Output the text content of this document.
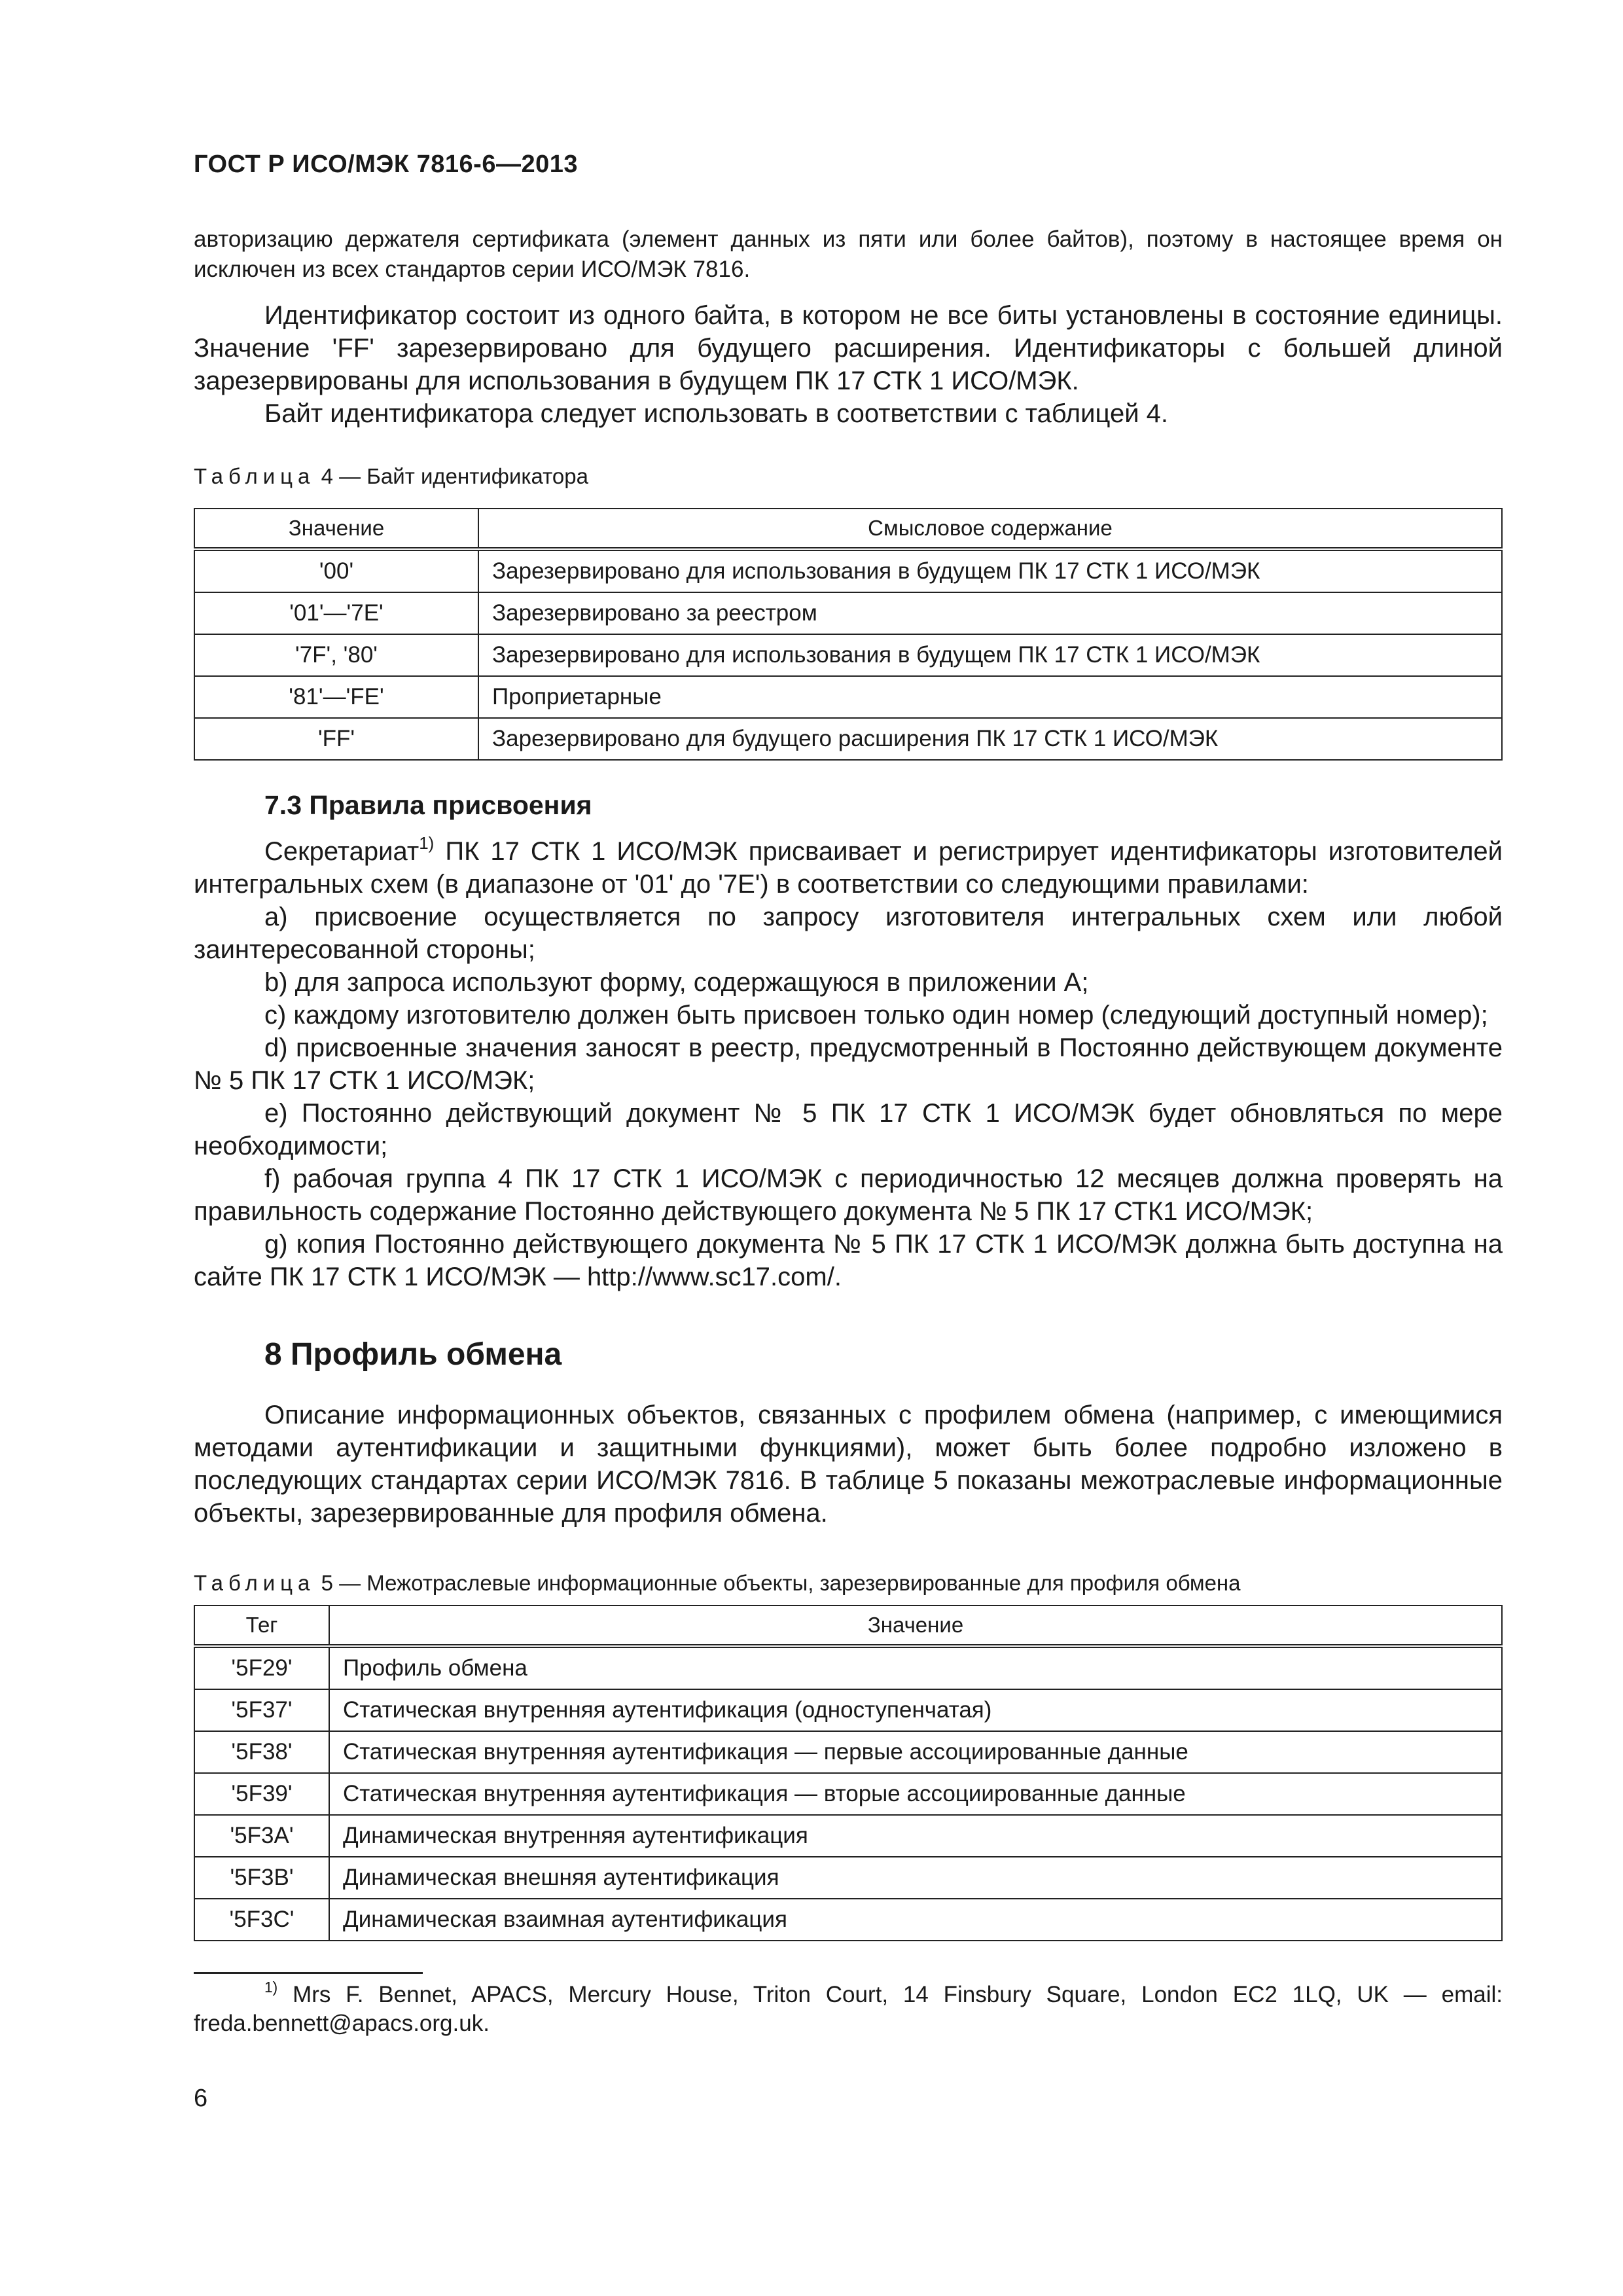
ГОСТ Р ИСО/МЭК 7816-6—2013

авторизацию держателя сертификата (элемент данных из пяти или более байтов), поэтому в настоящее время он исключен из всех стандартов серии ИСО/МЭК 7816.

Идентификатор состоит из одного байта, в котором не все биты установлены в состояние единицы. Значение 'FF' зарезервировано для будущего расширения. Идентификаторы с большей длиной зарезервированы для использования в будущем ПК 17 СТК 1 ИСО/МЭК.

Байт идентификатора следует использовать в соответствии с таблицей 4.

Таблица 4 — Байт идентификатора

Значение	Смысловое содержание
'00'	Зарезервировано для использования в будущем ПК 17 СТК 1 ИСО/МЭК
'01'—'7E'	Зарезервировано за реестром
'7F', '80'	Зарезервировано для использования в будущем ПК 17 СТК 1 ИСО/МЭК
'81'—'FE'	Проприетарные
'FF'	Зарезервировано для будущего расширения ПК 17 СТК 1 ИСО/МЭК

7.3 Правила присвоения

Секретариат$^{1)}$ ПК 17 СТК 1 ИСО/МЭК присваивает и регистрирует идентификаторы изготовителей интегральных схем (в диапазоне от '01' до '7E') в соответствии со следующими правилами:

a) присвоение осуществляется по запросу изготовителя интегральных схем или любой заинтересованной стороны;

b) для запроса используют форму, содержащуюся в приложении A;

c) каждому изготовителю должен быть присвоен только один номер (следующий доступный номер);

d) присвоенные значения заносят в реестр, предусмотренный в Постоянно действующем документе № 5 ПК 17 СТК 1 ИСО/МЭК;

e) Постоянно действующий документ № 5 ПК 17 СТК 1 ИСО/МЭК будет обновляться по мере необходимости;

f) рабочая группа 4 ПК 17 СТК 1 ИСО/МЭК с периодичностью 12 месяцев должна проверять на правильность содержание Постоянно действующего документа № 5 ПК 17 СТК1 ИСО/МЭК;

g) копия Постоянно действующего документа № 5 ПК 17 СТК 1 ИСО/МЭК должна быть доступна на сайте ПК 17 СТК 1 ИСО/МЭК — http://www.sc17.com/.

8 Профиль обмена

Описание информационных объектов, связанных с профилем обмена (например, с имеющимися методами аутентификации и защитными функциями), может быть более подробно изложено в последующих стандартах серии ИСО/МЭК 7816. В таблице 5 показаны межотраслевые информационные объекты, зарезервированные для профиля обмена.

Таблица 5 — Межотраслевые информационные объекты, зарезервированные для профиля обмена

Тег	Значение
'5F29'	Профиль обмена
'5F37'	Статическая внутренняя аутентификация (одноступенчатая)
'5F38'	Статическая внутренняя аутентификация — первые ассоциированные данные
'5F39'	Статическая внутренняя аутентификация — вторые ассоциированные данные
'5F3A'	Динамическая внутренняя аутентификация
'5F3B'	Динамическая внешняя аутентификация
'5F3C'	Динамическая взаимная аутентификация

$^{1)}$ Mrs F. Bennet, APACS, Mercury House, Triton Court, 14 Finsbury Square, London EC2 1LQ, UK — email: freda.bennett@apacs.org.uk.

6
